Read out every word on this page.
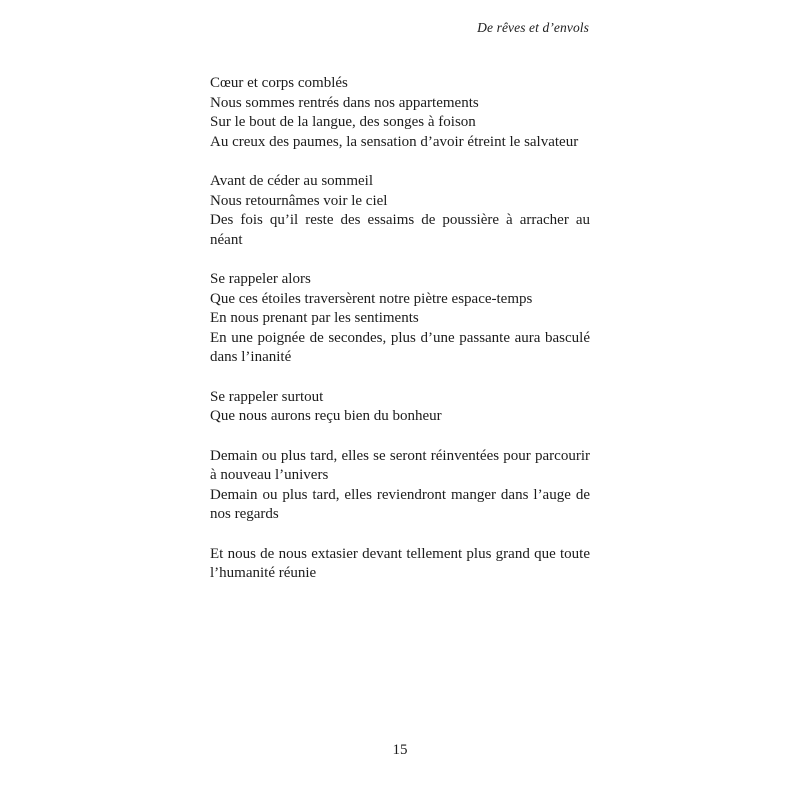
De rêves et d’envols
Cœur et corps comblés
Nous sommes rentrés dans nos appartements
Sur le bout de la langue, des songes à foison
Au creux des paumes, la sensation d’avoir étreint le salvateur
Avant de céder au sommeil
Nous retournâmes voir le ciel
Des fois qu’il reste des essaims de poussière à arracher au néant
Se rappeler alors
Que ces étoiles traversèrent notre piètre espace-temps
En nous prenant par les sentiments
En une poignée de secondes, plus d’une passante aura basculé dans l’inanité
Se rappeler surtout
Que nous aurons reçu bien du bonheur
Demain ou plus tard, elles se seront réinventées pour parcourir à nouveau l’univers
Demain ou plus tard, elles reviendront manger dans l’auge de nos regards
Et nous de nous extasier devant tellement plus grand que toute l’humanité réunie
15
